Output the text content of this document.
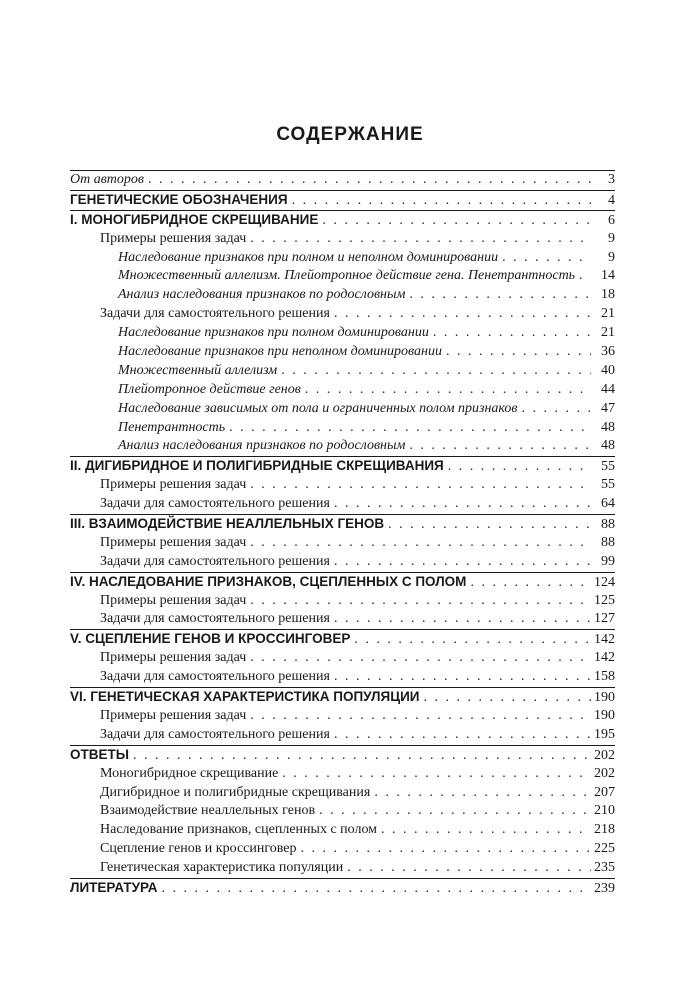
СОДЕРЖАНИЕ
От авторов . . .	3
ГЕНЕТИЧЕСКИЕ ОБОЗНАЧЕНИЯ . . .	4
I. МОНОГИБРИДНОЕ СКРЕЩИВАНИЕ . . .	6
Примеры решения задач . . .	9
Наследование признаков при полном и неполном доминировании . . .	9
Множественный аллелизм. Плейотропное действие гена. Пенетрантность . . .	14
Анализ наследования признаков по родословным . . .	18
Задачи для самостоятельного решения . . .	21
Наследование признаков при полном доминировании . . .	21
Наследование признаков при неполном доминировании . . .	36
Множественный аллелизм . . .	40
Плейотропное действие генов . . .	44
Наследование зависимых от пола и ограниченных полом признаков . . .	47
Пенетрантность . . .	48
Анализ наследования признаков по родословным . . .	48
II. ДИГИБРИДНОЕ И ПОЛИГИБРИДНЫЕ СКРЕЩИВАНИЯ . . .	55
Примеры решения задач . . .	55
Задачи для самостоятельного решения . . .	64
III. ВЗАИМОДЕЙСТВИЕ НЕАЛЛЕЛЬНЫХ ГЕНОВ . . .	88
Примеры решения задач . . .	88
Задачи для самостоятельного решения . . .	99
IV. НАСЛЕДОВАНИЕ ПРИЗНАКОВ, СЦЕПЛЕННЫХ С ПОЛОМ . . .	124
Примеры решения задач . . .	125
Задачи для самостоятельного решения . . .	127
V. СЦЕПЛЕНИЕ ГЕНОВ И КРОССИНГОВЕР . . .	142
Примеры решения задач . . .	142
Задачи для самостоятельного решения . . .	158
VI. ГЕНЕТИЧЕСКАЯ ХАРАКТЕРИСТИКА ПОПУЛЯЦИИ . . .	190
Примеры решения задач . . .	190
Задачи для самостоятельного решения . . .	195
ОТВЕТЫ . . .	202
Моногибридное скрещивание . . .	202
Дигибридное и полигибридные скрещивания . . .	207
Взаимодействие неаллельных генов . . .	210
Наследование признаков, сцепленных с полом . . .	218
Сцепление генов и кроссинговер . . .	225
Генетическая характеристика популяции . . .	235
ЛИТЕРАТУРА . . .	239
